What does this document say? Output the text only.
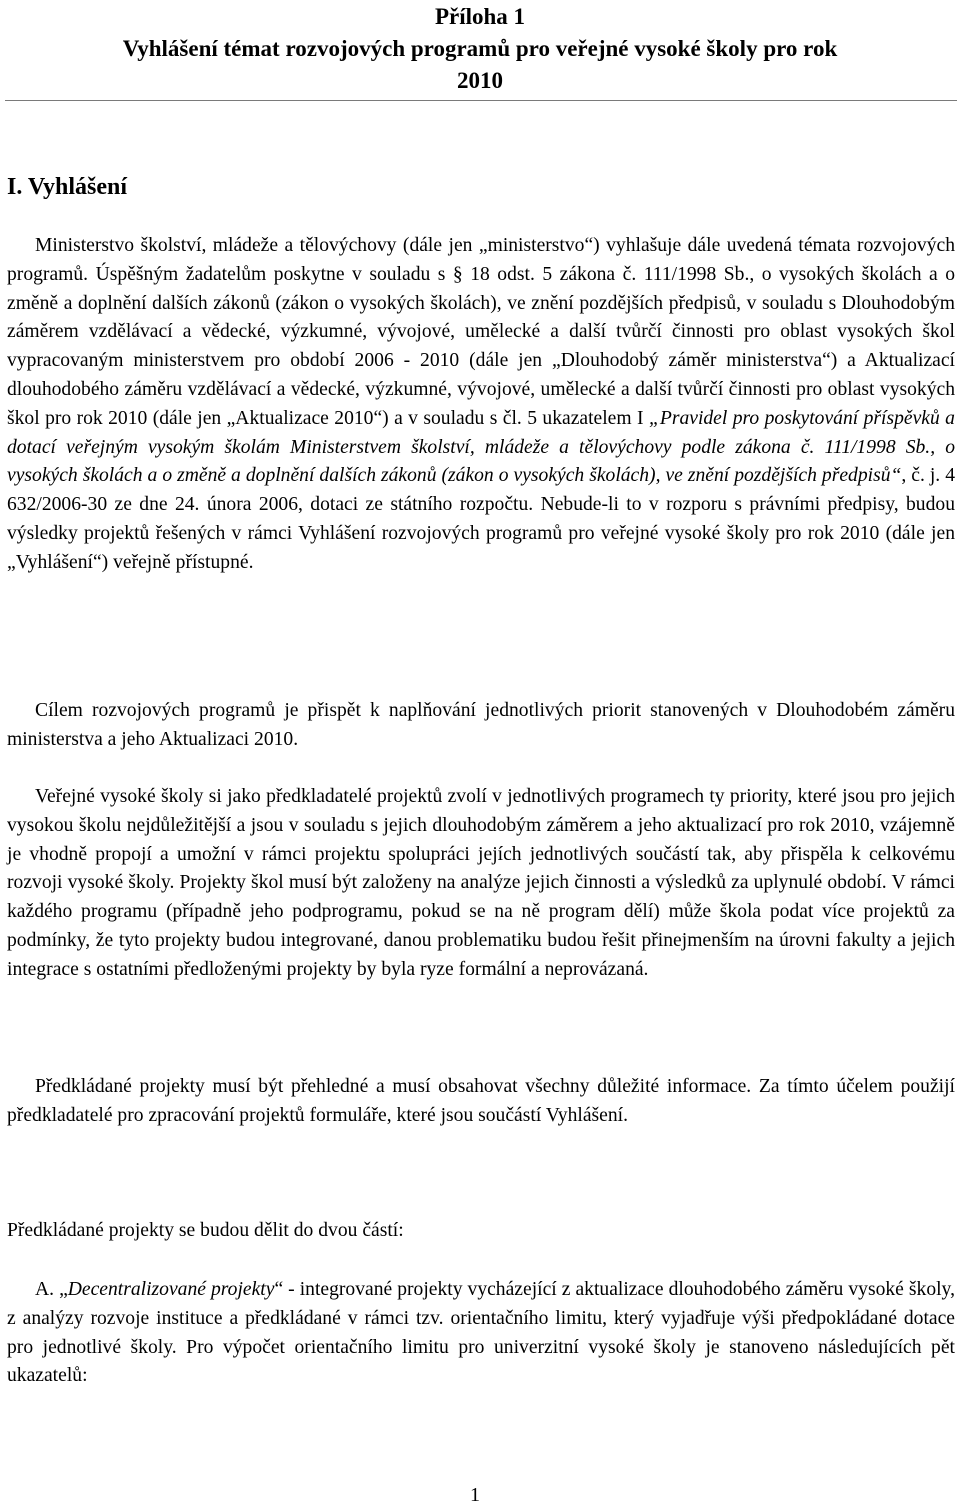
Příloha 1
Vyhlášení témat rozvojových programů pro veřejné vysoké školy pro rok
2010
I. Vyhlášení

Ministerstvo školství, mládeže a tělovýchovy (dále jen „ministerstvo“) vyhlašuje dále uvedená témata rozvojových programů. Úspěšným žadatelům poskytne v souladu s § 18 odst. 5 zákona č. 111/1998 Sb., o vysokých školách a o změně a doplnění dalších zákonů (zákon o vysokých školách), ve znění pozdějších předpisů, v souladu s Dlouhodobým záměrem vzdělávací a vědecké, výzkumné, vývojové, umělecké a další tvůrčí činnosti pro oblast vysokých škol vypracovaným ministerstvem pro období 2006 - 2010 (dále jen „Dlouhodobý záměr ministerstva“) a Aktualizací dlouhodobého záměru vzdělávací a vědecké, výzkumné, vývojové, umělecké a další tvůrčí činnosti pro oblast vysokých škol pro rok 2010 (dále jen „Aktualizace 2010“) a v souladu s čl. 5 ukazatelem I „Pravidel pro poskytování příspěvků a dotací veřejným vysokým školám Ministerstvem školství, mládeže a tělovýchovy podle zákona č. 111/1998 Sb., o vysokých školách a o změně a doplnění dalších zákonů (zákon o vysokých školách), ve znění pozdějších předpisů“, č. j. 4 632/2006-30 ze dne 24. února 2006, dotaci ze státního rozpočtu. Nebude-li to v rozporu s právními předpisy, budou výsledky projektů řešených v rámci Vyhlášení rozvojových programů pro veřejné vysoké školy pro rok 2010 (dále jen „Vyhlášení“) veřejně přístupné.

Cílem rozvojových programů je přispět k naplňování jednotlivých priorit stanovených v Dlouhodobém záměru ministerstva a jeho Aktualizaci 2010.

Veřejné vysoké školy si jako předkladatelé projektů zvolí v jednotlivých programech ty priority, které jsou pro jejich vysokou školu nejdůležitější a jsou v souladu s jejich dlouhodobým záměrem a jeho aktualizací pro rok 2010, vzájemně je vhodně propojí a umožní v rámci projektu spolupráci jejích jednotlivých součástí tak, aby přispěla k celkovému rozvoji vysoké školy. Projekty škol musí být založeny na analýze jejich činnosti a výsledků za uplynulé období. V rámci každého programu (případně jeho podprogramu, pokud se na ně program dělí) může škola podat více projektů za podmínky, že tyto projekty budou integrované, danou problematiku budou řešit přinejmenším na úrovni fakulty a jejich integrace s ostatními předloženými projekty by byla ryze formální a neprovázaná.

Předkládané projekty musí být přehledné a musí obsahovat všechny důležité informace. Za tímto účelem použijí předkladatelé pro zpracování projektů formuláře, které jsou součástí Vyhlášení.

Předkládané projekty se budou dělit do dvou částí:

A. „Decentralizované projekty“ - integrované projekty vycházející z aktualizace dlouhodobého záměru vysoké školy, z analýzy rozvoje instituce a předkládané v rámci tzv. orientačního limitu, který vyjadřuje výši předpokládané dotace pro jednotlivé školy. Pro výpočet orientačního limitu pro univerzitní vysoké školy je stanoveno následujících pět ukazatelů:

1
